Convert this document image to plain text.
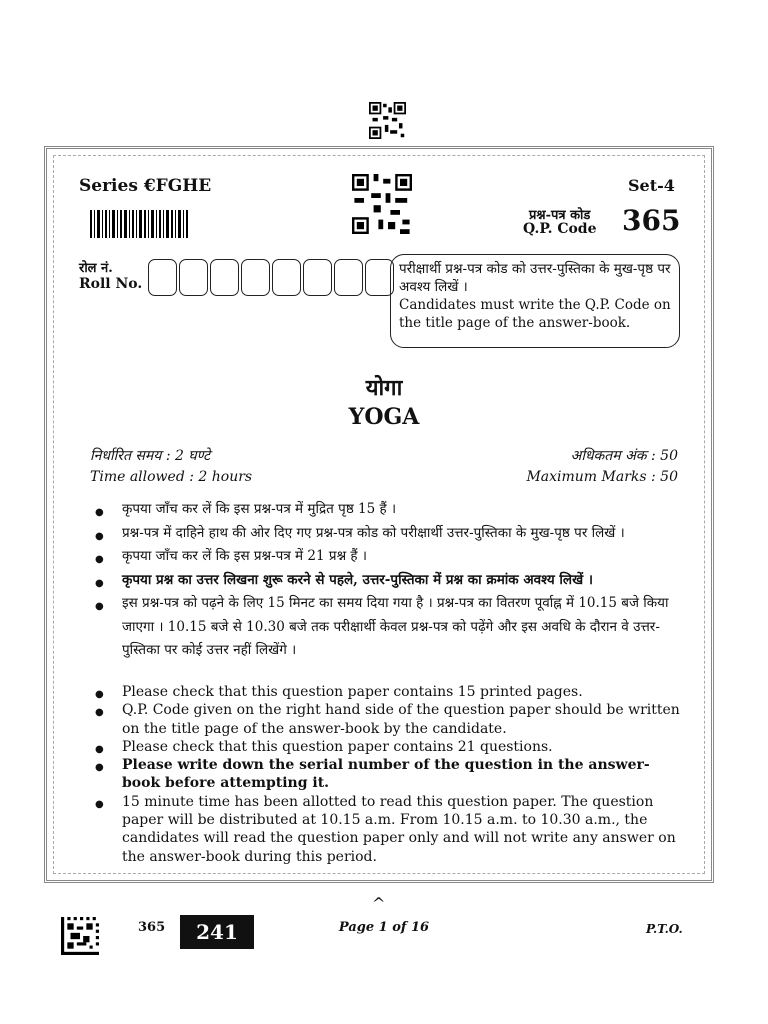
Series €FGHE	Set-4
प्रश्न-पत्र कोड
Q.P. Code 365
रोल नं.
Roll No.
परीक्षार्थी प्रश्न-पत्र कोड को उत्तर-पुस्तिका के मुख-पृष्ठ पर अवश्य लिखें ।
Candidates must write the Q.P. Code on the title page of the answer-book.
योगा
YOGA
निर्धारित समय : 2 घण्टे
Time allowed : 2 hours
अधिकतम अंक : 50
Maximum Marks : 50
● कृपया जाँच कर लें कि इस प्रश्न-पत्र में मुद्रित पृष्ठ 15 हैं ।
● प्रश्न-पत्र में दाहिने हाथ की ओर दिए गए प्रश्न-पत्र कोड को परीक्षार्थी उत्तर-पुस्तिका के मुख-पृष्ठ पर लिखें ।
● कृपया जाँच कर लें कि इस प्रश्न-पत्र में 21 प्रश्न हैं ।
● कृपया प्रश्न का उत्तर लिखना शुरू करने से पहले, उत्तर-पुस्तिका में प्रश्न का क्रमांक अवश्य लिखें ।
● इस प्रश्न-पत्र को पढ़ने के लिए 15 मिनट का समय दिया गया है । प्रश्न-पत्र का वितरण पूर्वाह्न में 10.15 बजे किया जाएगा । 10.15 बजे से 10.30 बजे तक परीक्षार्थी केवल प्रश्न-पत्र को पढ़ेंगे और इस अवधि के दौरान वे उत्तर-पुस्तिका पर कोई उत्तर नहीं लिखेंगे ।
● Please check that this question paper contains 15 printed pages.
● Q.P. Code given on the right hand side of the question paper should be written on the title page of the answer-book by the candidate.
● Please check that this question paper contains 21 questions.
● Please write down the serial number of the question in the answer-book before attempting it.
● 15 minute time has been allotted to read this question paper. The question paper will be distributed at 10.15 a.m. From 10.15 a.m. to 10.30 a.m., the candidates will read the question paper only and will not write any answer on the answer-book during this period.
^
365	241	Page 1 of 16	P.T.O.
